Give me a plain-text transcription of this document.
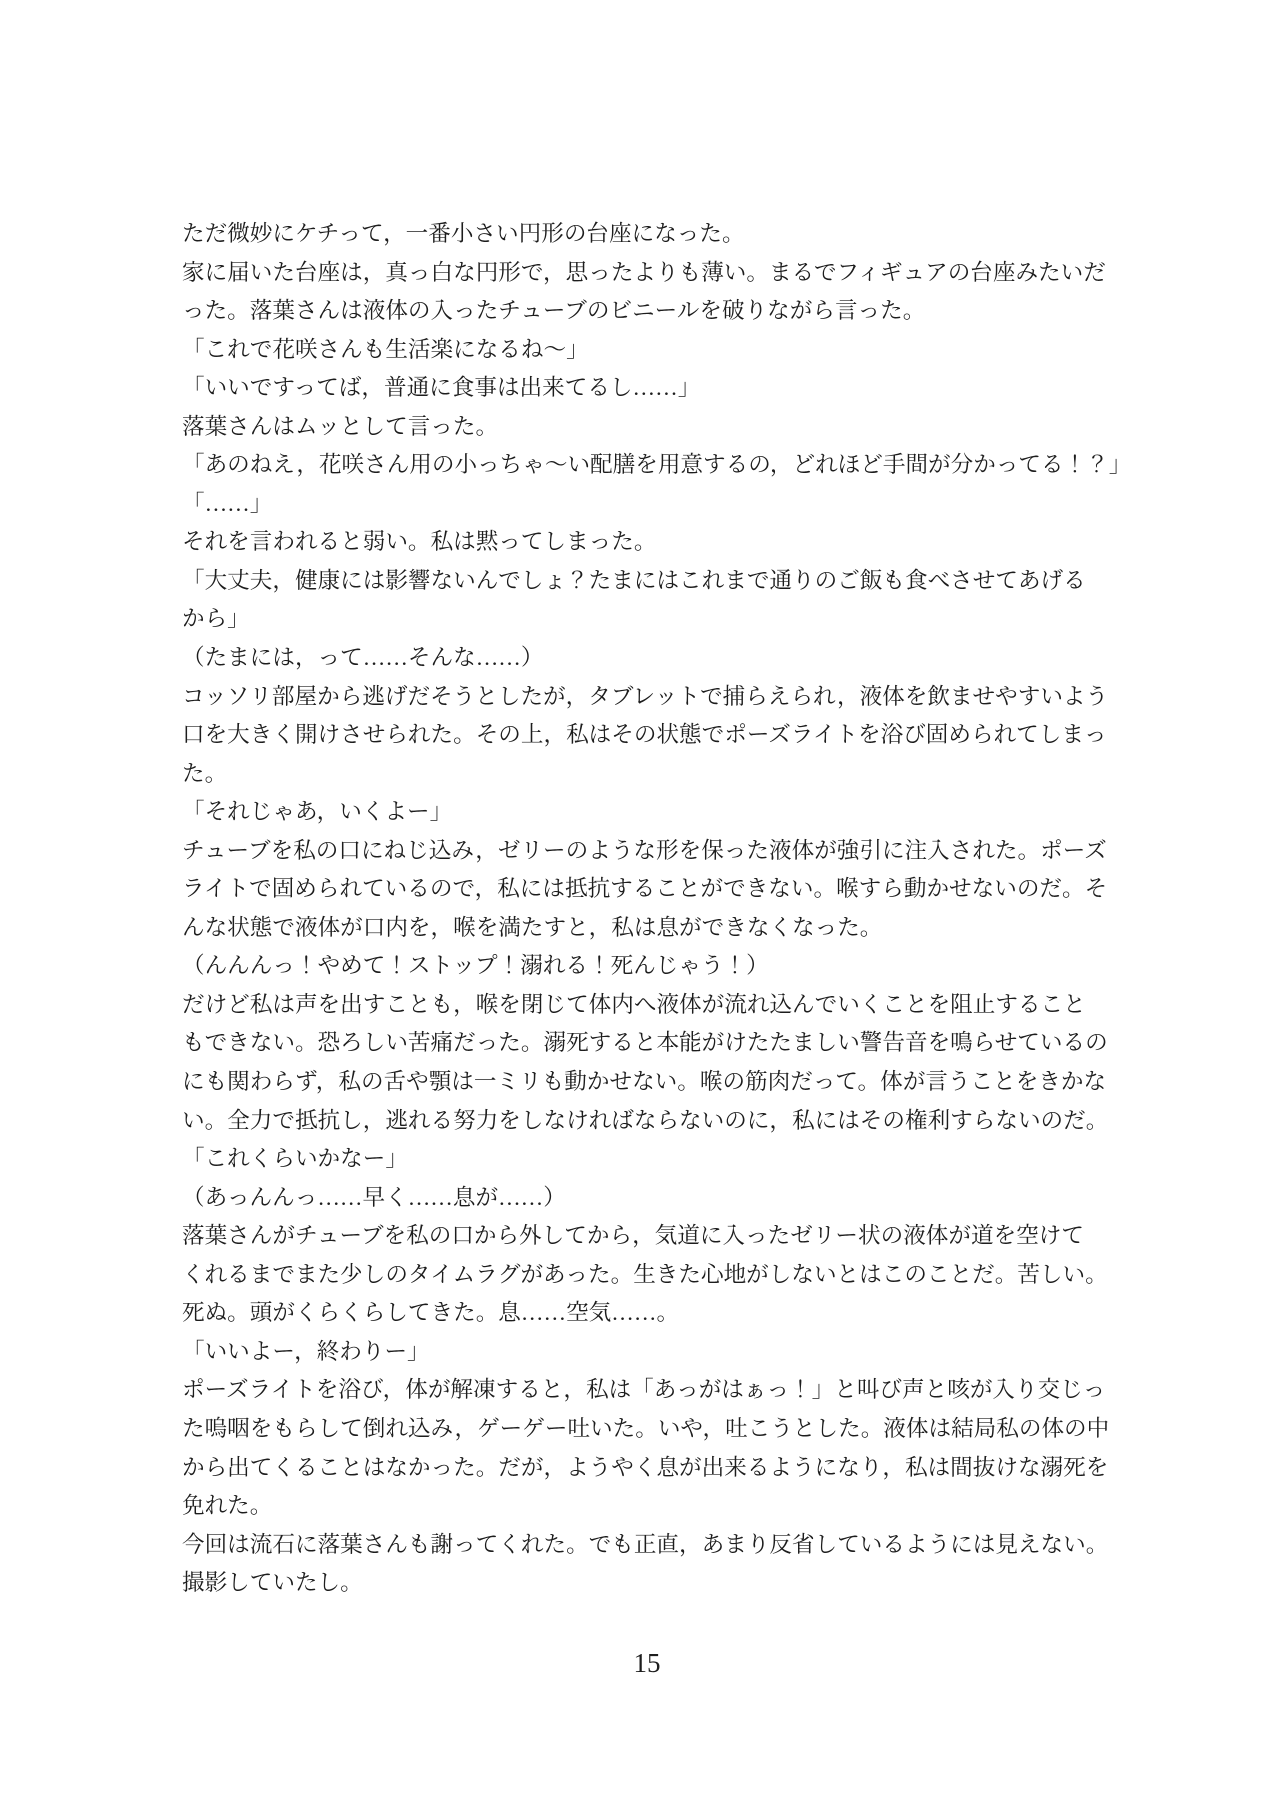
ただ微妙にケチって，一番小さい円形の台座になった。
家に届いた台座は，真っ白な円形で，思ったよりも薄い。まるでフィギュアの台座みたいだ
った。落葉さんは液体の入ったチューブのビニールを破りながら言った。
「これで花咲さんも生活楽になるね～」
「いいですってば，普通に食事は出来てるし……」
落葉さんはムッとして言った。
「あのねえ，花咲さん用の小っちゃ～い配膳を用意するの，どれほど手間が分かってる！？」
「……」
それを言われると弱い。私は黙ってしまった。
「大丈夫，健康には影響ないんでしょ？たまにはこれまで通りのご飯も食べさせてあげる
から」
（たまには，って……そんな……）
コッソリ部屋から逃げだそうとしたが，タブレットで捕らえられ，液体を飲ませやすいよう
口を大きく開けさせられた。その上，私はその状態でポーズライトを浴び固められてしまっ
た。
「それじゃあ，いくよー」
チューブを私の口にねじ込み，ゼリーのような形を保った液体が強引に注入された。ポーズ
ライトで固められているので，私には抵抗することができない。喉すら動かせないのだ。そ
んな状態で液体が口内を，喉を満たすと，私は息ができなくなった。
（んんんっ！やめて！ストップ！溺れる！死んじゃう！）
だけど私は声を出すことも，喉を閉じて体内へ液体が流れ込んでいくことを阻止すること
もできない。恐ろしい苦痛だった。溺死すると本能がけたたましい警告音を鳴らせているの
にも関わらず，私の舌や顎は一ミリも動かせない。喉の筋肉だって。体が言うことをきかな
い。全力で抵抗し，逃れる努力をしなければならないのに，私にはその権利すらないのだ。
「これくらいかなー」
（あっんんっ……早く……息が……）
落葉さんがチューブを私の口から外してから，気道に入ったゼリー状の液体が道を空けて
くれるまでまた少しのタイムラグがあった。生きた心地がしないとはこのことだ。苦しい。
死ぬ。頭がくらくらしてきた。息……空気……。
「いいよー，終わりー」
ポーズライトを浴び，体が解凍すると，私は「あっがはぁっ！」と叫び声と咳が入り交じっ
た嗚咽をもらして倒れ込み，ゲーゲー吐いた。いや，吐こうとした。液体は結局私の体の中
から出てくることはなかった。だが，ようやく息が出来るようになり，私は間抜けな溺死を
免れた。
今回は流石に落葉さんも謝ってくれた。でも正直，あまり反省しているようには見えない。
撮影していたし。
15
